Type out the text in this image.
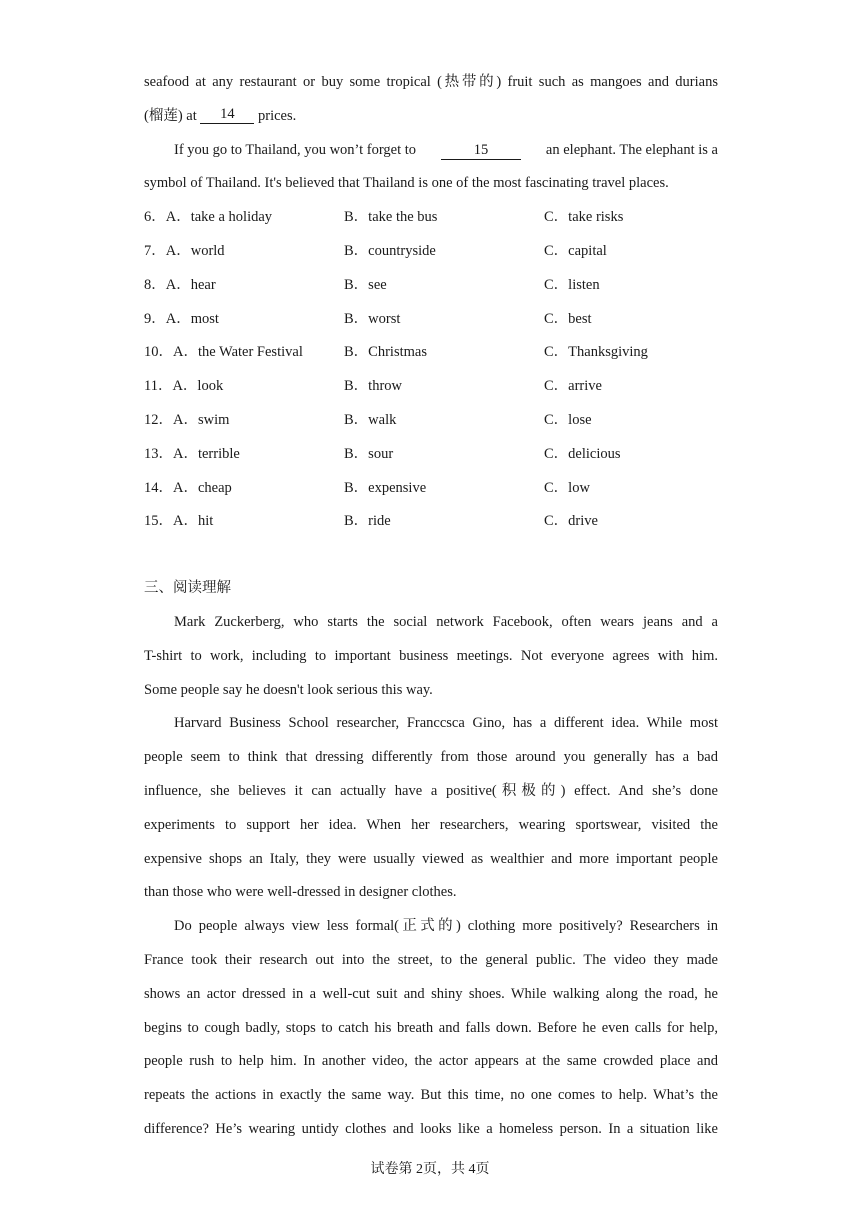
seafood at any restaurant or buy some tropical (热带的) fruit such as mangoes and durians
(榴莲) at 14 prices.
If you go to Thailand, you won’t forget to	15	an elephant. The elephant is a
symbol of Thailand. It's believed that Thailand is one of the most fascinating travel places.
6．A．take a holiday	B．take the bus	C．take risks
7．A．world	B．countryside	C．capital
8．A．hear	B．see	C．listen
9．A．most	B．worst	C．best
10．A．the Water Festival	B．Christmas	C．Thanksgiving
11．A．look	B．throw	C．arrive
12．A．swim	B．walk	C．lose
13．A．terrible	B．sour	C．delicious
14．A．cheap	B．expensive	C．low
15．A．hit	B．ride	C．drive
三、阅读理解
Mark Zuckerberg, who starts the social network Facebook, often wears jeans and a
T-shirt to work, including to important business meetings. Not everyone agrees with him.
Some people say he doesn't look serious this way.
Harvard Business School researcher, Franccsca Gino, has a different idea. While most
people seem to think that dressing differently from those around you generally has a bad
influence, she believes it can actually have a positive(积极的) effect. And she’s done
experiments to support her idea. When her researchers, wearing sportswear, visited the
expensive shops an Italy, they were usually viewed as wealthier and more important people
than those who were well-dressed in designer clothes.
Do people always view less formal(正式的) clothing more positively? Researchers in
France took their research out into the street, to the general public. The video they made
shows an actor dressed in a well-cut suit and shiny shoes. While walking along the road, he
begins to cough badly, stops to catch his breath and falls down. Before he even calls for help,
people rush to help him. In another video, the actor appears at the same crowded place and
repeats the actions in exactly the same way. But this time, no one comes to help. What’s the
difference? He’s wearing untidy clothes and looks like a homeless person. In a situation like
试卷第 2页，共 4页
